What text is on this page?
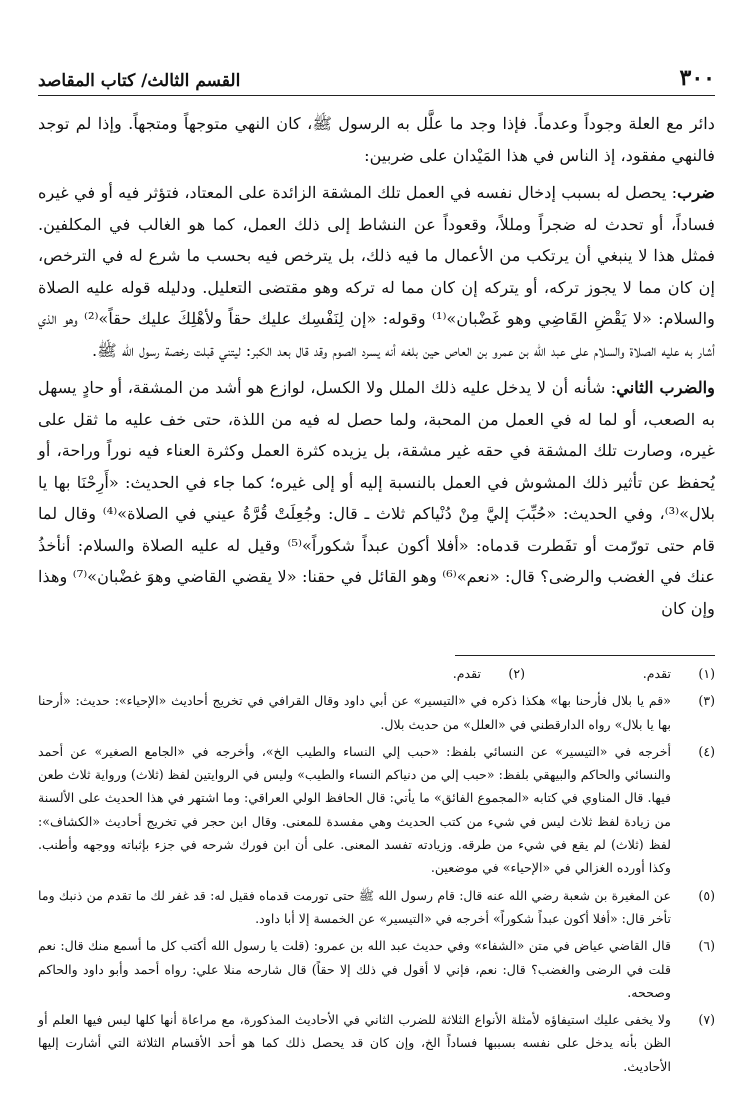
٣٠٠
القسم الثالث/ كتاب المقاصد

دائر مع العلة وجوداً وعدماً. فإذا وجد ما علَّل به الرسول ﷺ، كان النهي متوجهاً ومتجهاً. وإذا لم توجد فالنهي مفقود، إذ الناس في هذا المَيْدان على ضربين:

ضرب: يحصل له بسبب إدخال نفسه في العمل تلك المشقة الزائدة على المعتاد، فتؤثر فيه أو في غيره فساداً، أو تحدث له ضجراً ومللاً، وقعوداً عن النشاط إلى ذلك العمل، كما هو الغالب في المكلفين. فمثل هذا لا ينبغي أن يرتكب من الأعمال ما فيه ذلك، بل يترخص فيه بحسب ما شرع له في الترخص، إن كان مما لا يجوز تركه، أو يتركه إن كان مما له تركه وهو مقتضى التعليل. ودليله قوله عليه الصلاة والسلام: «لا يَقْضِ القَاضِي وهو غَضْبان»⁽¹⁾ وقوله: «إن لِنَفْسِك عليك حقاً ولأهْلِكَ عليك حقاً»⁽²⁾ وهو الذي أشار به عليه الصلاة والسلام على عبد الله بن عمرو بن العاص حين بلغه أنه يسرد الصوم وقد قال بعد الكبر: ليتني قبلت رخصة رسول الله ﷺ.

والضرب الثاني: شأنه أن لا يدخل عليه ذلك الملل ولا الكسل، لوازع هو أشد من المشقة، أو حادٍ يسهل به الصعب، أو لما له في العمل من المحبة، ولما حصل له فيه من اللذة، حتى خف عليه ما ثقل على غيره، وصارت تلك المشقة في حقه غير مشقة، بل يزيده كثرة العمل وكثرة العناء فيه نوراً وراحة، أو يُحفظ عن تأثير ذلك المشوش في العمل بالنسبة إليه أو إلى غيره؛ كما جاء في الحديث: «أَرِحْنَا بها يا بلال»⁽³⁾، وفي الحديث: «حُبِّبَ إليَّ مِنْ دُنْياكم ثلاث ـ قال: وجُعِلَتْ قُرَّةُ عيني في الصلاة»⁽⁴⁾ وقال لما قام حتى تورّمت أو تفَطرت قدماه: «أفلا أكون عبداً شكوراً»⁽⁵⁾ وقيل له عليه الصلاة والسلام: أنأخذُ عنك في الغضب والرضى؟ قال: «نعم»⁽⁶⁾ وهو القائل في حقنا: «لا يقضي القاضي وهوَ غضْبان»⁽⁷⁾ وهذا وإن كان

(١)
تقدم.
(٢)
تقدم.
(٣)
«قم يا بلال فأرحنا بها» هكذا ذكره في «التيسير» عن أبي داود وقال القرافي في تخريج أحاديث «الإحياء»: حديث: «أرحنا بها يا بلال» رواه الدارقطني في «العلل» من حديث بلال.
(٤)
أخرجه في «التيسير» عن النسائي بلفظ: «حبب إلي النساء والطيب الخ»، وأخرجه في «الجامع الصغير» عن أحمد والنسائي والحاكم والبيهقي بلفظ: «حبب إلي من دنياكم النساء والطيب» وليس في الروايتين لفظ (ثلاث) ورواية ثلاث طعن فيها. قال المناوي في كتابه «المجموع الفائق» ما يأتي: قال الحافظ الولي العراقي: وما اشتهر في هذا الحديث على الألسنة من زيادة لفظ ثلاث ليس في شيء من كتب الحديث وهي مفسدة للمعنى. وقال ابن حجر في تخريج أحاديث «الكشاف»: لفظ (ثلاث) لم يقع في شيء من طرقه. وزيادته تفسد المعنى. على أن ابن فورك شرحه في جزء بإثباته ووجهه وأطنب. وكذا أورده الغزالي في «الإحياء» في موضعين.
(٥)
عن المغيرة بن شعبة رضي الله عنه قال: قام رسول الله ﷺ حتى تورمت قدماه فقيل له: قد غفر لك ما تقدم من ذنبك وما تأخر قال: «أفلا أكون عبداً شكوراً» أخرجه في «التيسير» عن الخمسة إلا أبا داود.
(٦)
قال القاضي عياض في متن «الشفاء» وفي حديث عبد الله بن عمرو: (قلت يا رسول الله أكتب كل ما أسمع منك قال: نعم قلت في الرضى والغضب؟ قال: نعم، فإني لا أقول في ذلك إلا حقاً) قال شارحه منلا علي: رواه أحمد وأبو داود والحاكم وصححه.
(٧)
ولا يخفى عليك استيفاؤه لأمثلة الأنواع الثلاثة للضرب الثاني في الأحاديث المذكورة، مع مراعاة أنها كلها ليس فيها العلم أو الظن بأنه يدخل على نفسه بسببها فساداً الخ، وإن كان قد يحصل ذلك كما هو أحد الأقسام الثلاثة التي أشارت إليها الأحاديث.
